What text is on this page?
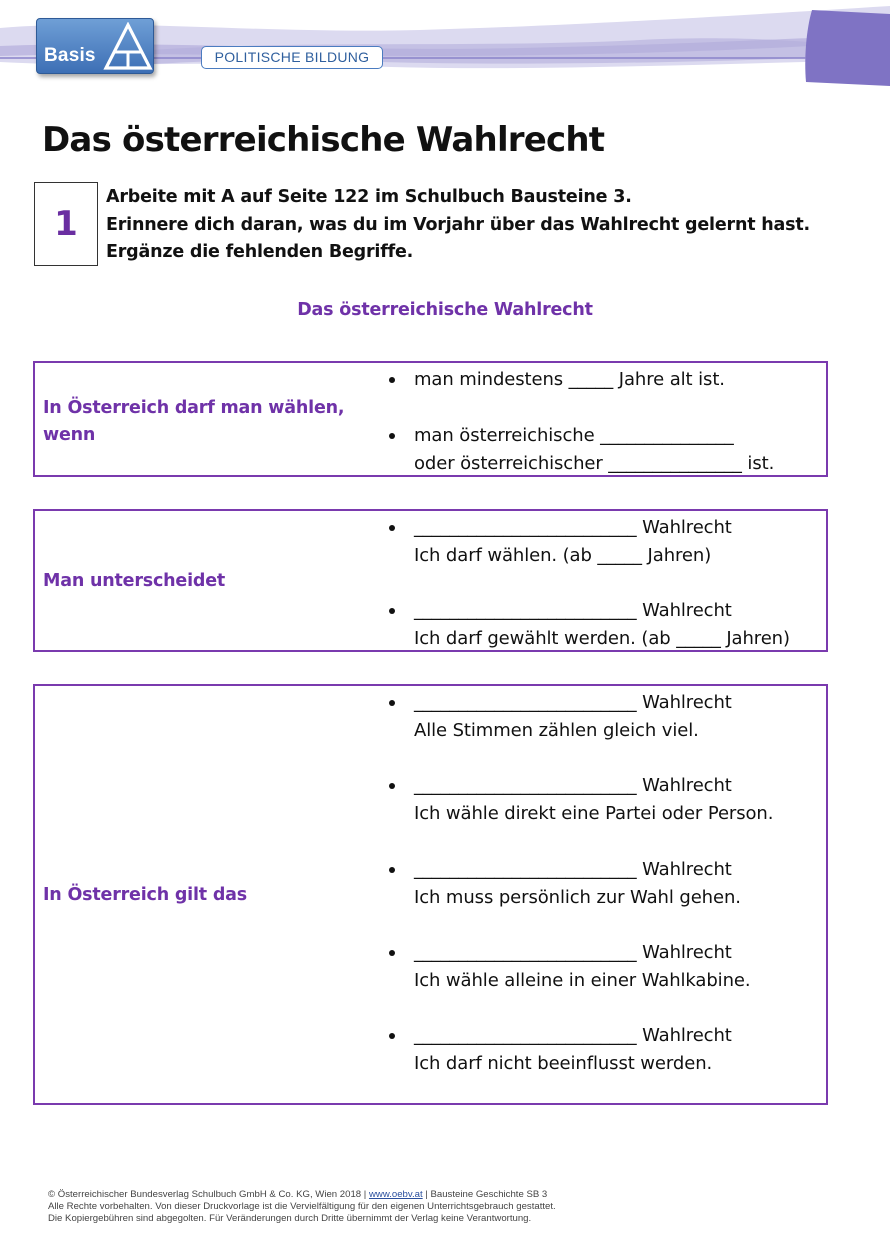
Basis	POLITISCHE BILDUNG
Das österreichische Wahlrecht
1
Arbeite mit A auf Seite 122 im Schulbuch Bausteine 3.
Erinnere dich daran, was du im Vorjahr über das Wahlrecht gelernt hast.
Ergänze die fehlenden Begriffe.
Das österreichische Wahlrecht
In Österreich darf man wählen, wenn
man mindestens _____ Jahre alt ist.
man österreichische _______________
oder österreichischer _______________ ist.
Man unterscheidet
_________________________ Wahlrecht
Ich darf wählen. (ab _____ Jahren)
_________________________ Wahlrecht
Ich darf gewählt werden. (ab _____ Jahren)
In Österreich gilt das
_________________________ Wahlrecht
Alle Stimmen zählen gleich viel.
_________________________ Wahlrecht
Ich wähle direkt eine Partei oder Person.
_________________________ Wahlrecht
Ich muss persönlich zur Wahl gehen.
_________________________ Wahlrecht
Ich wähle alleine in einer Wahlkabine.
_________________________ Wahlrecht
Ich darf nicht beeinflusst werden.
© Österreichischer Bundesverlag Schulbuch GmbH & Co. KG, Wien 2018 | www.oebv.at | Bausteine Geschichte SB 3
Alle Rechte vorbehalten. Von dieser Druckvorlage ist die Vervielfältigung für den eigenen Unterrichtsgebrauch gestattet.
Die Kopiergebühren sind abgegolten. Für Veränderungen durch Dritte übernimmt der Verlag keine Verantwortung.
